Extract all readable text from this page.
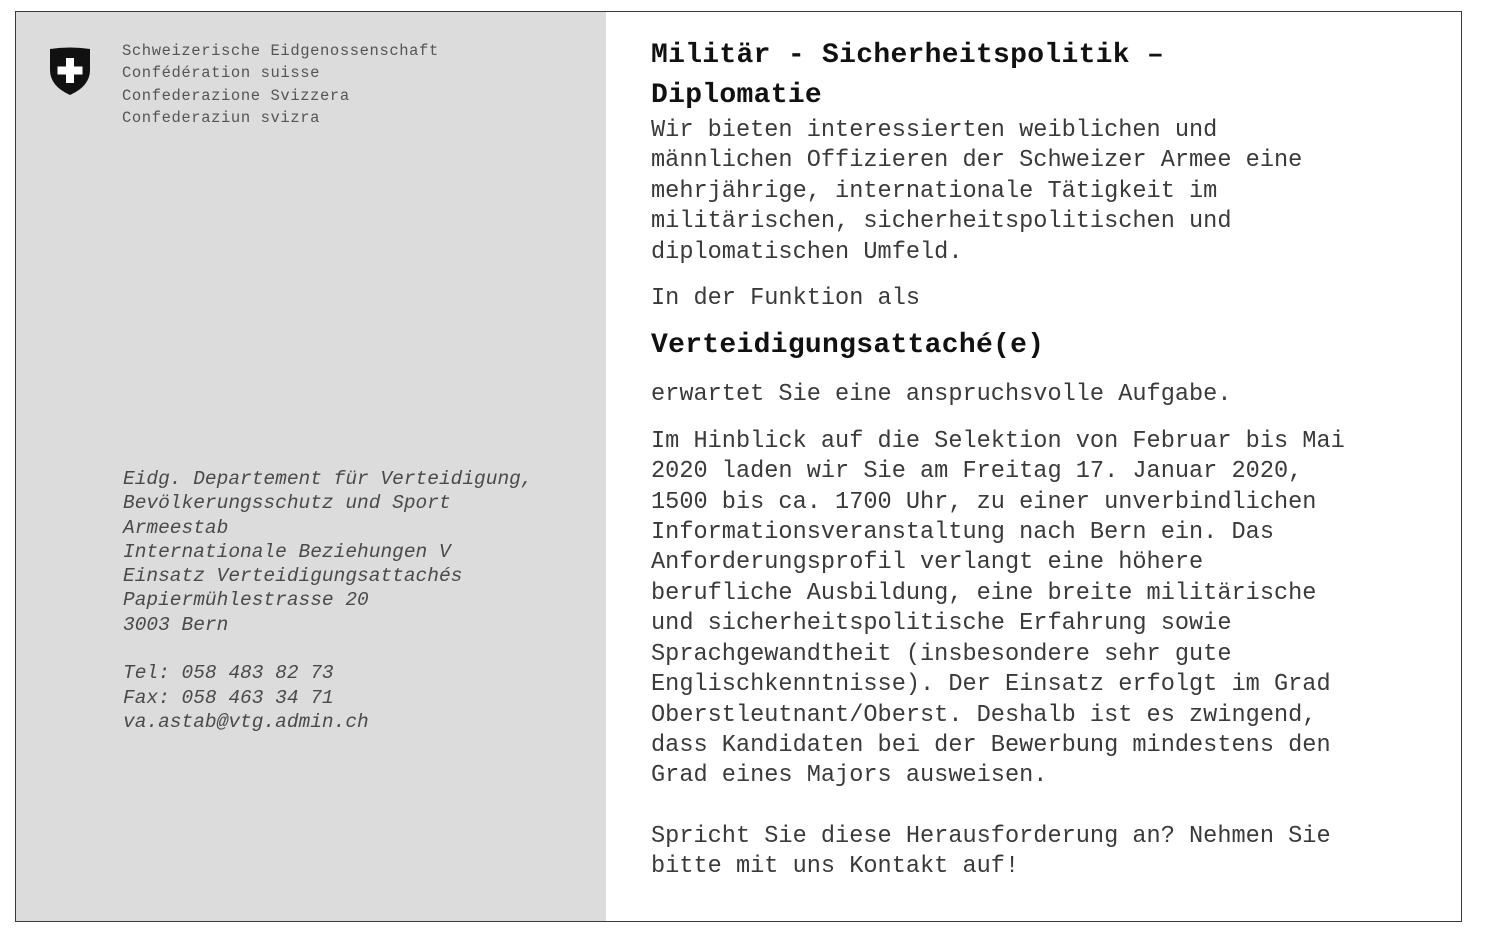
Schweizerische Eidgenossenschaft
Confédération suisse
Confederazione Svizzera
Confederaziun svizra
Eidg. Departement für Verteidigung,
Bevölkerungsschutz und Sport
Armeestab
Internationale Beziehungen V
Einsatz Verteidigungsattachés
Papiermühlestrasse 20
3003 Bern
Tel: 058 483 82 73
Fax: 058 463 34 71
va.astab@vtg.admin.ch
Militär - Sicherheitspolitik –
Diplomatie
Wir bieten interessierten weiblichen und
männlichen Offizieren der Schweizer Armee eine
mehrjährige, internationale Tätigkeit im
militärischen, sicherheitspolitischen und
diplomatischen Umfeld.
In der Funktion als
Verteidigungsattaché(e)
erwartet Sie eine anspruchsvolle Aufgabe.
Im Hinblick auf die Selektion von Februar bis Mai
2020 laden wir Sie am Freitag 17. Januar 2020,
1500 bis ca. 1700 Uhr, zu einer unverbindlichen
Informationsveranstaltung nach Bern ein. Das
Anforderungsprofil verlangt eine höhere
berufliche Ausbildung, eine breite militärische
und sicherheitspolitische Erfahrung sowie
Sprachgewandtheit (insbesondere sehr gute
Englischkenntnisse). Der Einsatz erfolgt im Grad
Oberstleutnant/Oberst. Deshalb ist es zwingend,
dass Kandidaten bei der Bewerbung mindestens den
Grad eines Majors ausweisen.
Spricht Sie diese Herausforderung an? Nehmen Sie
bitte mit uns Kontakt auf!
